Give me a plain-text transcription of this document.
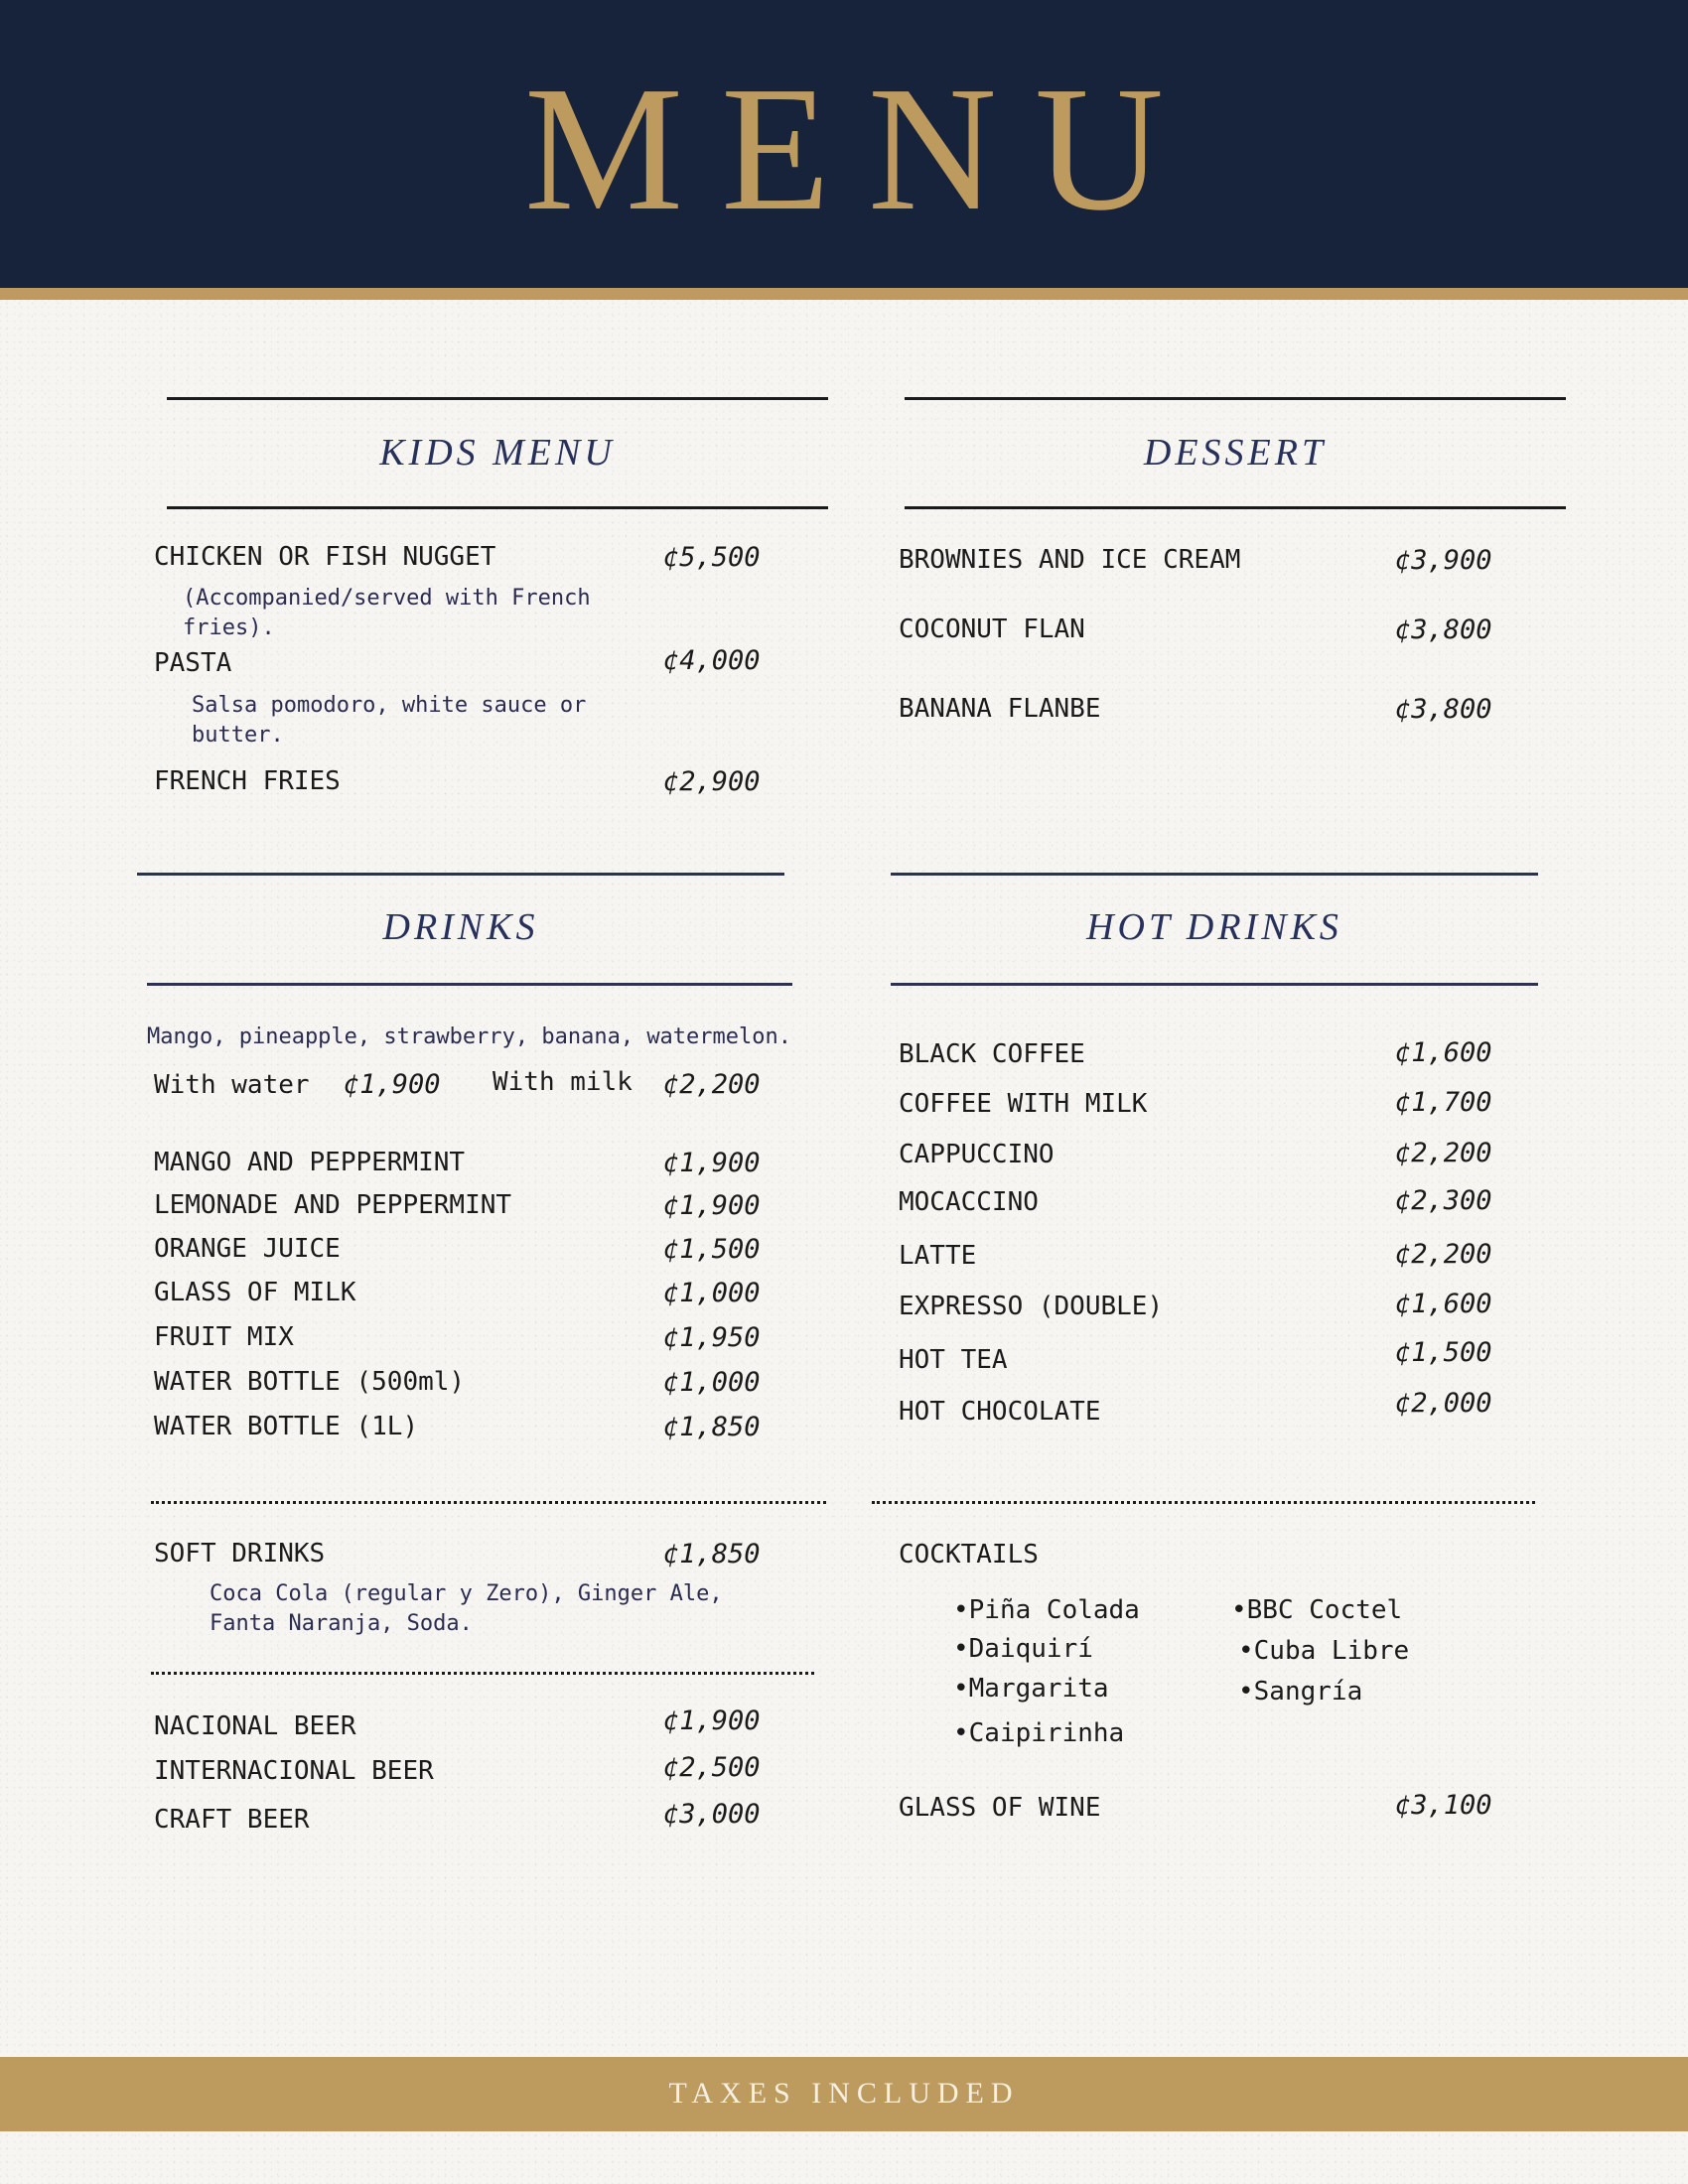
MENU
KIDS MENU
CHICKEN OR FISH NUGGET	¢5,500
(Accompanied/served with French fries).
PASTA	¢4,000
Salsa pomodoro, white sauce or butter.
FRENCH FRIES	¢2,900
DESSERT
BROWNIES AND ICE CREAM	¢3,900
COCONUT FLAN	¢3,800
BANANA FLANBE	¢3,800
DRINKS
Mango, pineapple, strawberry, banana, watermelon.
With water ¢1,900 With milk ¢2,200
MANGO AND PEPPERMINT	¢1,900
LEMONADE AND PEPPERMINT	¢1,900
ORANGE JUICE	¢1,500
GLASS OF MILK	¢1,000
FRUIT MIX	¢1,950
WATER BOTTLE (500ml)	¢1,000
WATER BOTTLE (1L)	¢1,850
SOFT DRINKS	¢1,850
Coca Cola (regular y Zero), Ginger Ale, Fanta Naranja, Soda.
NACIONAL BEER	¢1,900
INTERNACIONAL BEER	¢2,500
CRAFT BEER	¢3,000
HOT DRINKS
BLACK COFFEE	¢1,600
COFFEE WITH MILK	¢1,700
CAPPUCCINO	¢2,200
MOCACCINO	¢2,300
LATTE	¢2,200
EXPRESSO (DOUBLE)	¢1,600
HOT TEA	¢1,500
HOT CHOCOLATE	¢2,000
COCKTAILS
•Piña Colada
•Daiquirí
•Margarita
•Caipirinha
•BBC Coctel
•Cuba Libre
•Sangría
GLASS OF WINE	¢3,100
TAXES INCLUDED
